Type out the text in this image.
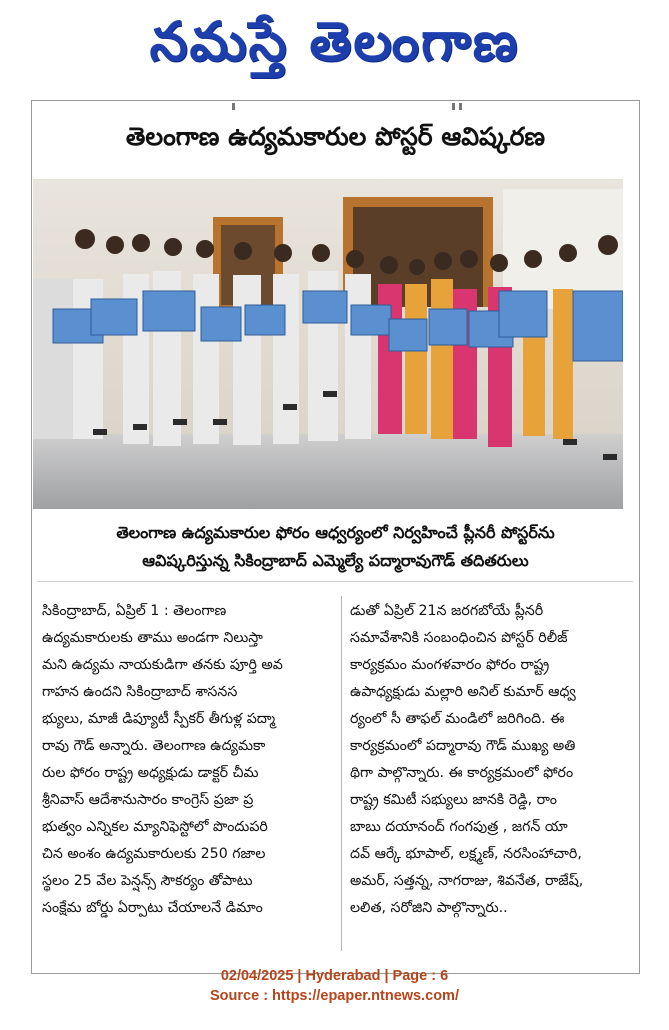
నమస్తే తెలంగాణ
తెలంగాణ ఉద్యమకారుల పోస్టర్ ఆవిష్కరణ
తెలంగాణ ఉద్యమకారుల ఫోరం ఆధ్వర్యంలో నిర్వహించే ప్లీనరీ పోస్టర్‌ను
ఆవిష్కరిస్తున్న సికింద్రాబాద్ ఎమ్మెల్యే పద్మారావుగౌడ్ తదితరులు
సికింద్రాబాద్, ఏప్రిల్ 1 : తెలంగాణ
ఉద్యమకారులకు తాము అండగా నిలుస్తా
మని ఉద్యమ నాయకుడిగా తనకు పూర్తి అవ
గాహన ఉందని సికింద్రాబాద్ శాసనస
భ్యులు, మాజీ డిప్యూటీ స్పీకర్ తీగుళ్ల పద్మా
రావు గౌడ్ అన్నారు. తెలంగాణ ఉద్యమకా
రుల ఫోరం రాష్ట్ర అధ్యక్షుడు డాక్టర్ చీమ
శ్రీనివాస్ ఆదేశానుసారం కాంగ్రెస్ ప్రజా ప్ర
భుత్వం ఎన్నికల మ్యానిఫెస్టోలో పొందుపరి
చిన అంశం ఉద్యమకారులకు 250 గజాల
స్థలం 25 వేల పెన్షన్స్ సౌకర్యం తోపాటు
సంక్షేమ బోర్డు ఏర్పాటు చేయాలనే డిమాం
డుతో ఏప్రిల్ 21న జరగబోయే ప్లీనరీ
సమావేశానికి సంబంధించిన పోస్టర్ రిలీజ్
కార్యక్రమం మంగళవారం ఫోరం రాష్ట్ర
ఉపాధ్యక్షుడు మల్లారి అనిల్ కుమార్ ఆధ్వ
ర్యంలో సీ తాఫల్ మండిలో జరిగింది. ఈ
కార్యక్రమంలో పద్మారావు గౌడ్ ముఖ్య అతి
థిగా పాల్గొన్నారు. ఈ కార్యక్రమంలో ఫోరం
రాష్ట్ర కమిటీ సభ్యులు జానకి రెడ్డి, రాం
బాబు దయానంద్ గంగపుత్ర , జగన్ యా
దవ్ ఆర్కే భూపాల్, లక్ష్మణ్, నరసింహాచారి,
అమర్, సత్తన్న, నాగరాజు, శివనేత, రాజేష్,
లలిత, సరోజిని పాల్గొన్నారు..
02/04/2025 | Hyderabad | Page : 6
Source : https://epaper.ntnews.com/
